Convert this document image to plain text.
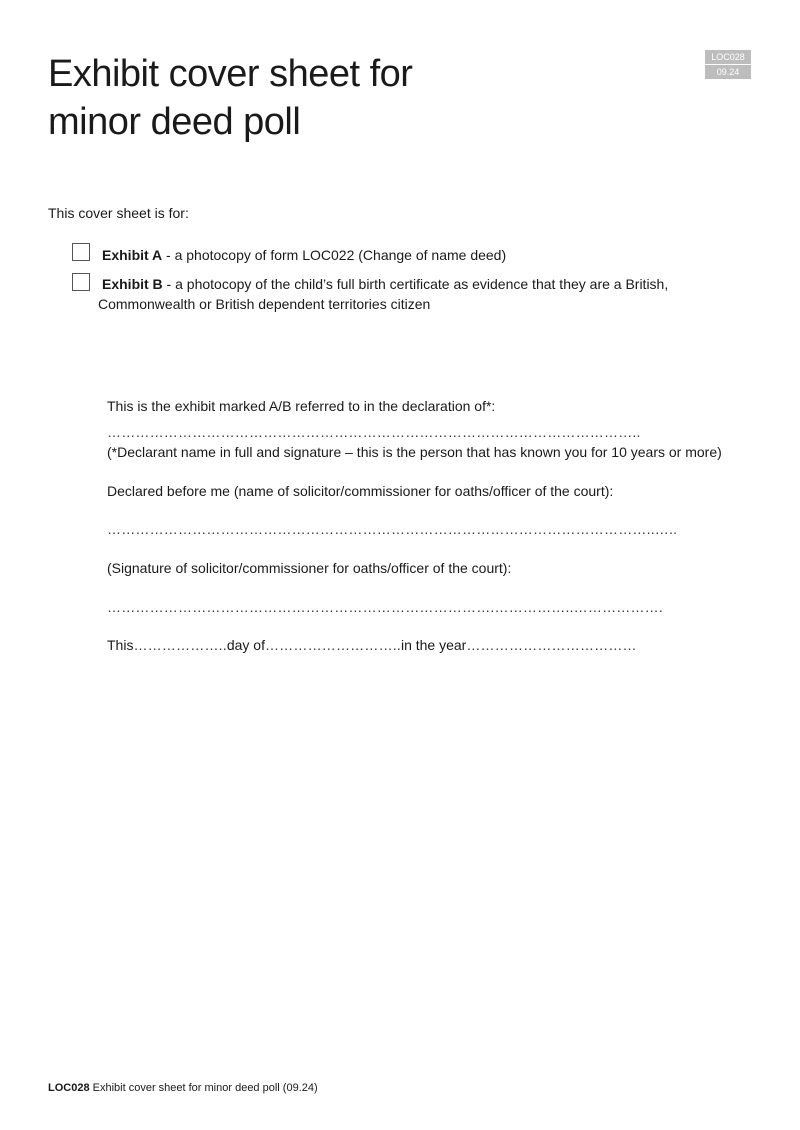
Exhibit cover sheet for
minor deed poll
LOC028
09.24
This cover sheet is for:
Exhibit A - a photocopy of form LOC022 (Change of name deed)
Exhibit B - a photocopy of the child’s full birth certificate as evidence that they are a British,
Commonwealth or British dependent territories citizen
This is the exhibit marked A/B referred to in the declaration of*:
…………………………………………………………………………………………………..
(*Declarant name in full and signature – this is the person that has known you for 10 years or more)
Declared before me (name of solicitor/commissioner for oaths/officer of the court):
……………………………………………………………………………………………………..…..
(Signature of solicitor/commissioner for oaths/officer of the court):
……………………………………………………………………….……………..……………….
This………………..day of………………………..in the year………………………………
LOC028 Exhibit cover sheet for minor deed poll (09.24)
